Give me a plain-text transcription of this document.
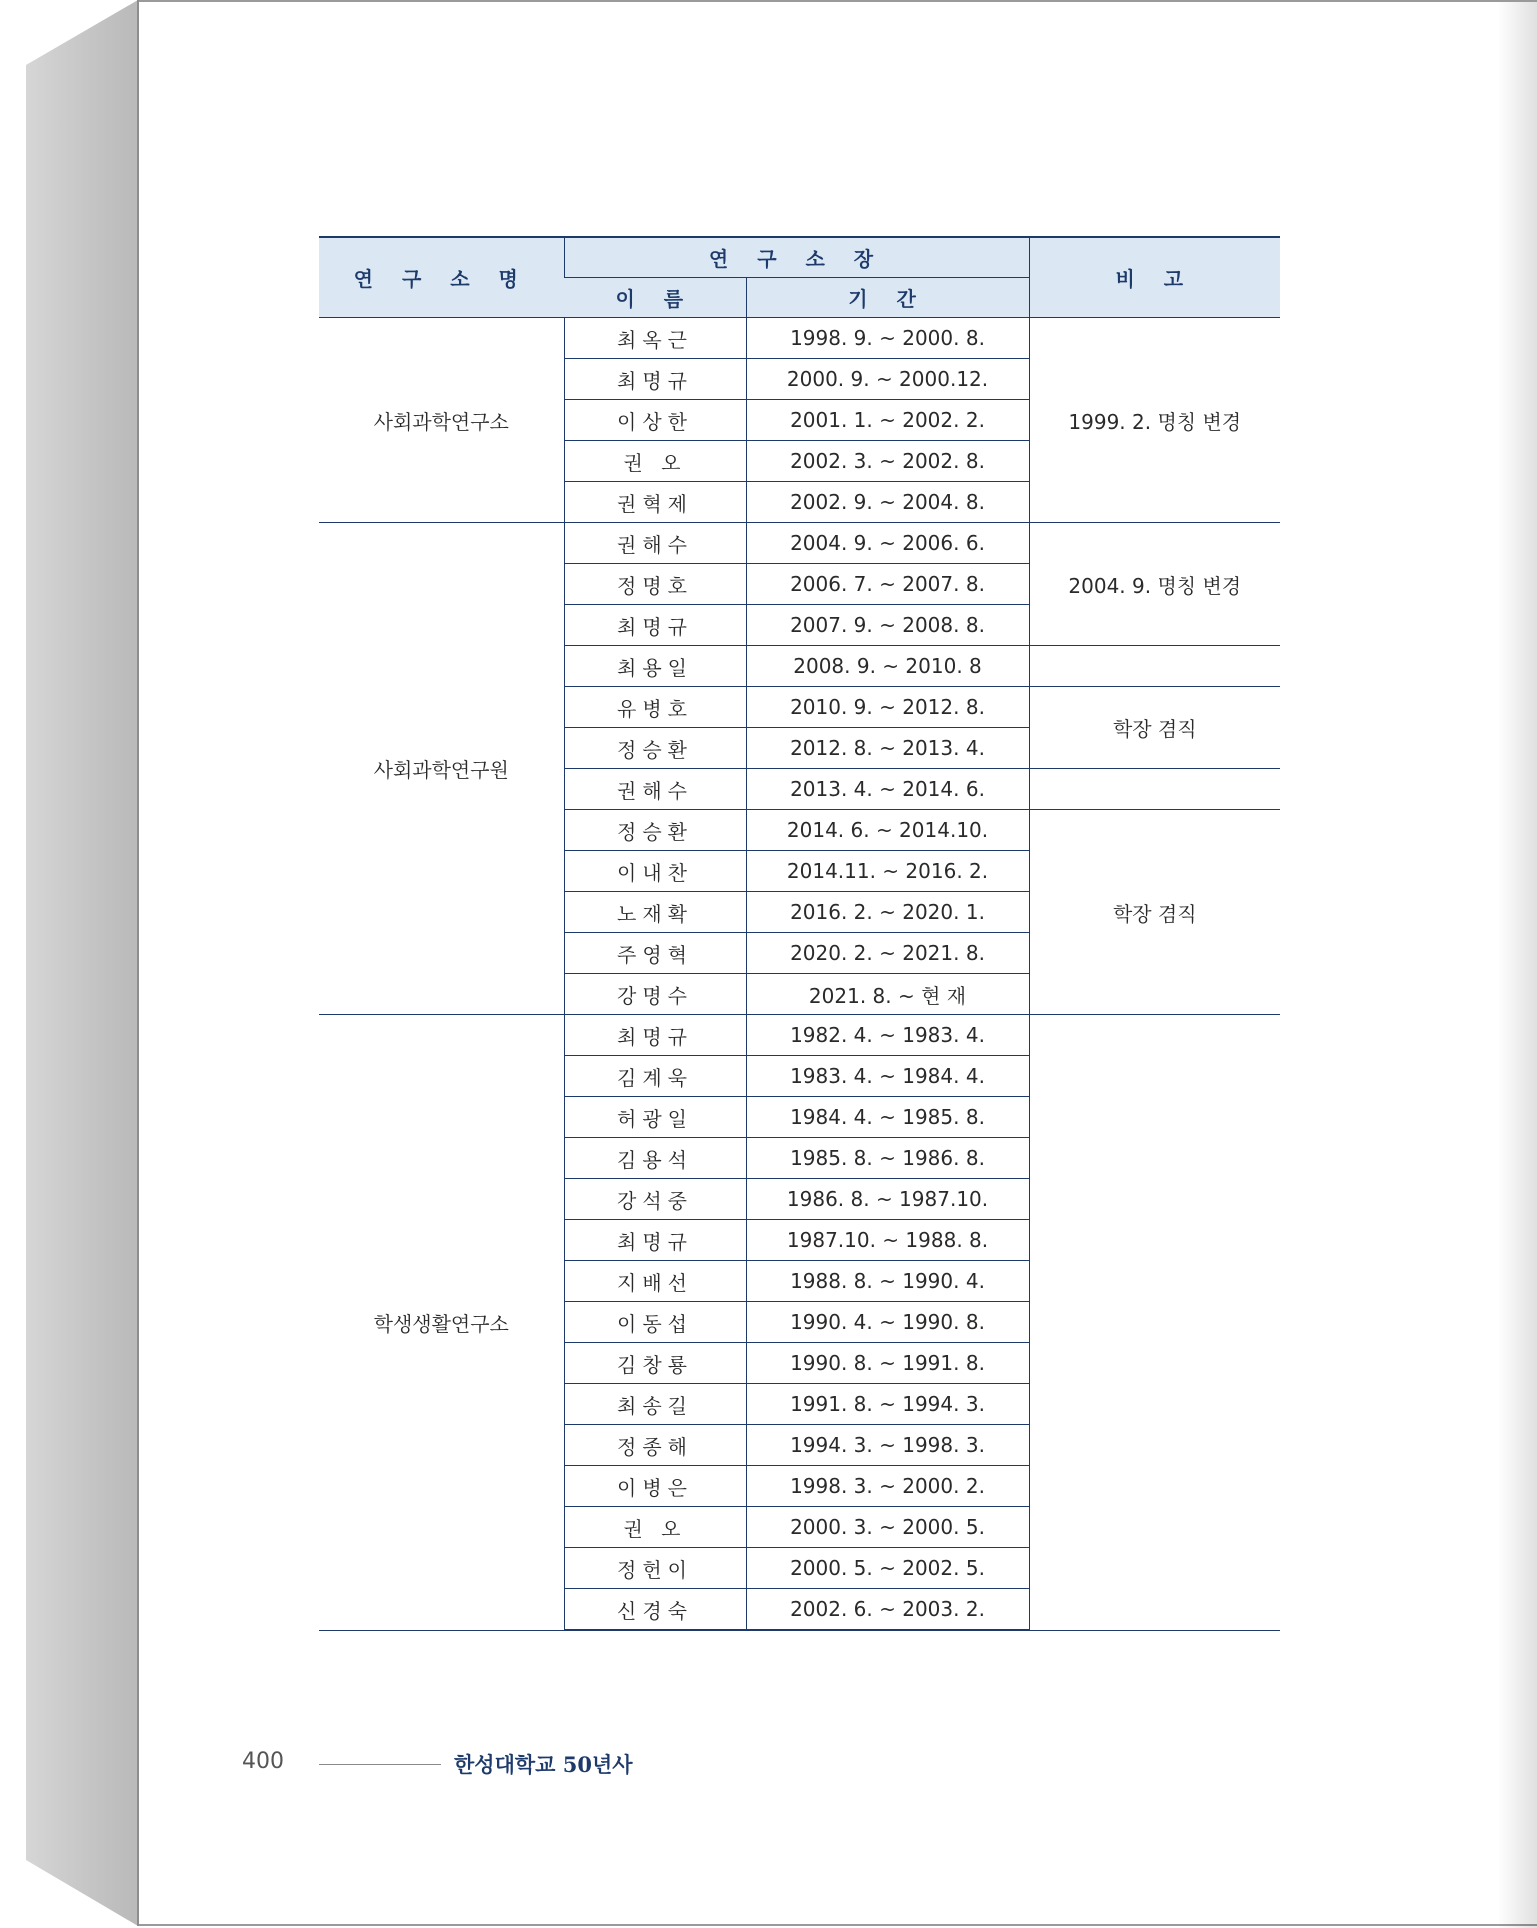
연 구 소 명	연 구 소 장		비 고
	이 름	기 간	
사회과학연구소	최옥근	1998. 9. ~ 2000. 8.	1999. 2. 명칭 변경
	최명규	2000. 9. ~ 2000.12.	
	이상한	2001. 1. ~ 2002. 2.	
	권 오	2002. 3. ~ 2002. 8.	
	권혁제	2002. 9. ~ 2004. 8.	
사회과학연구원	권해수	2004. 9. ~ 2006. 6.	2004. 9. 명칭 변경
	정명호	2006. 7. ~ 2007. 8.	
	최명규	2007. 9. ~ 2008. 8.	
	최용일	2008. 9. ~ 2010. 8	
	유병호	2010. 9. ~ 2012. 8.	학장 겸직
	정승환	2012. 8. ~ 2013. 4.	
	권해수	2013. 4. ~ 2014. 6.	
	정승환	2014. 6. ~ 2014.10.	학장 겸직
	이내찬	2014.11. ~ 2016. 2.	
	노재확	2016. 2. ~ 2020. 1.	
	주영혁	2020. 2. ~ 2021. 8.	
	강명수	2021. 8. ~ 현 재	
학생생활연구소	최명규	1982. 4. ~ 1983. 4.	
	김계욱	1983. 4. ~ 1984. 4.	
	허광일	1984. 4. ~ 1985. 8.	
	김용석	1985. 8. ~ 1986. 8.	
	강석중	1986. 8. ~ 1987.10.	
	최명규	1987.10. ~ 1988. 8.	
	지배선	1988. 8. ~ 1990. 4.	
	이동섭	1990. 4. ~ 1990. 8.	
	김창룡	1990. 8. ~ 1991. 8.	
	최송길	1991. 8. ~ 1994. 3.	
	정종해	1994. 3. ~ 1998. 3.	
	이병은	1998. 3. ~ 2000. 2.	
	권 오	2000. 3. ~ 2000. 5.	
	정헌이	2000. 5. ~ 2002. 5.	
	신경숙	2002. 6. ~ 2003. 2.	
400	한성대학교 50년사
